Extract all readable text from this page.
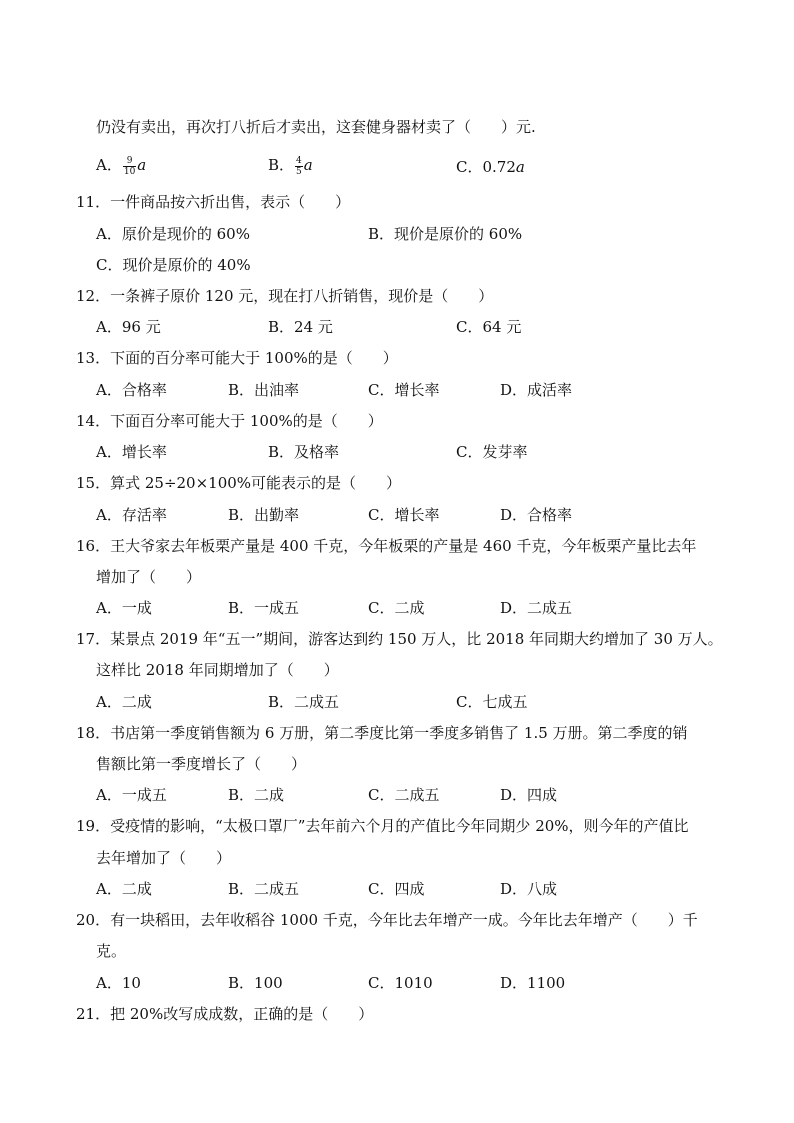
仍没有卖出，再次打八折后才卖出，这套健身器材卖了（　　）元.
A． $\frac{9}{10}$ a	B． $\frac{4}{5}$ a	C．0.72a
11．一件商品按六折出售，表示（　　）
A．原价是现价的 60%	B．现价是原价的 60%
C．现价是原价的 40%
12．一条裤子原价 120 元，现在打八折销售，现价是（　　）
A．96 元	B．24 元	C．64 元
13．下面的百分率可能大于 100%的是（　　）
A．合格率	B．出油率	C．增长率	D．成活率
14．下面百分率可能大于 100%的是（　　）
A．增长率	B．及格率	C．发芽率
15．算式 25÷20×100%可能表示的是（　　）
A．存活率	B．出勤率	C．增长率	D．合格率
16．王大爷家去年板栗产量是 400 千克，今年板栗的产量是 460 千克，今年板栗产量比去年
增加了（　　）
A．一成	B．一成五	C．二成	D．二成五
17．某景点 2019 年“五一”期间，游客达到约 150 万人，比 2018 年同期大约增加了 30 万人。
这样比 2018 年同期增加了（　　）
A．二成	B．二成五	C．七成五
18．书店第一季度销售额为 6 万册，第二季度比第一季度多销售了 1.5 万册。第二季度的销
售额比第一季度增长了（　　）
A．一成五	B．二成	C．二成五	D．四成
19．受疫情的影响，“太极口罩厂”去年前六个月的产值比今年同期少 20%，则今年的产值比
去年增加了（　　）
A．二成	B．二成五	C．四成	D．八成
20．有一块稻田，去年收稻谷 1000 千克，今年比去年增产一成。今年比去年增产（　　）千
克。
A．10	B．100	C．1010	D．1100
21．把 20%改写成成数，正确的是（　　）
